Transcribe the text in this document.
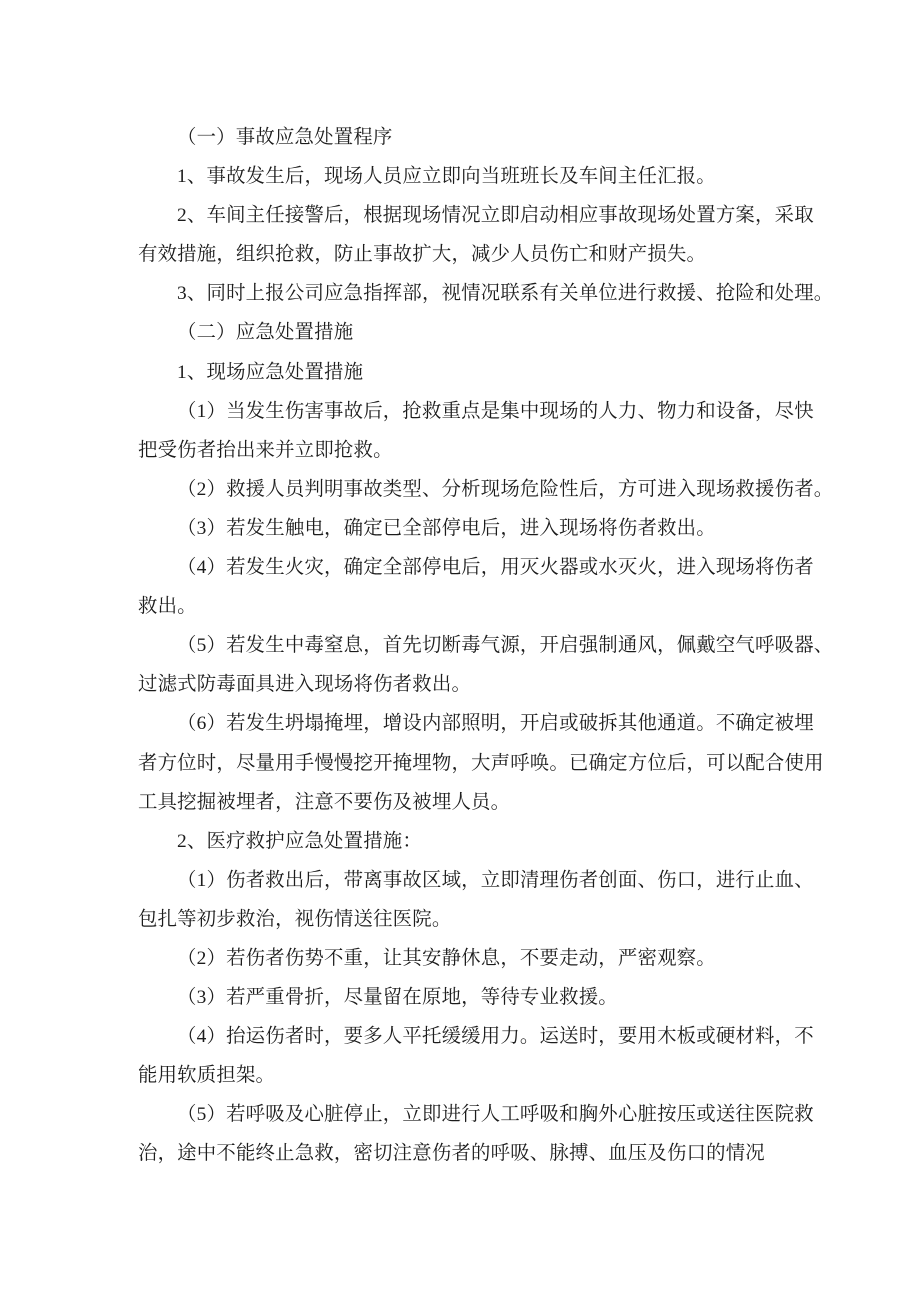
（一）事故应急处置程序
1、事故发生后，现场人员应立即向当班班长及车间主任汇报。
2、车间主任接警后，根据现场情况立即启动相应事故现场处置方案，采取
有效措施，组织抢救，防止事故扩大，减少人员伤亡和财产损失。
3、同时上报公司应急指挥部，视情况联系有关单位进行救援、抢险和处理。
（二）应急处置措施
1、现场应急处置措施
（1）当发生伤害事故后，抢救重点是集中现场的人力、物力和设备，尽快
把受伤者抬出来并立即抢救。
（2）救援人员判明事故类型、分析现场危险性后，方可进入现场救援伤者。
（3）若发生触电，确定已全部停电后，进入现场将伤者救出。
（4）若发生火灾，确定全部停电后，用灭火器或水灭火，进入现场将伤者
救出。
（5）若发生中毒窒息，首先切断毒气源，开启强制通风，佩戴空气呼吸器、
过滤式防毒面具进入现场将伤者救出。
（6）若发生坍塌掩埋，增设内部照明，开启或破拆其他通道。不确定被埋
者方位时，尽量用手慢慢挖开掩埋物，大声呼唤。已确定方位后，可以配合使用
工具挖掘被埋者，注意不要伤及被埋人员。
2、医疗救护应急处置措施：
（1）伤者救出后，带离事故区域，立即清理伤者创面、伤口，进行止血、
包扎等初步救治，视伤情送往医院。
（2）若伤者伤势不重，让其安静休息，不要走动，严密观察。
（3）若严重骨折，尽量留在原地，等待专业救援。
（4）抬运伤者时，要多人平托缓缓用力。运送时，要用木板或硬材料，不
能用软质担架。
（5）若呼吸及心脏停止，立即进行人工呼吸和胸外心脏按压或送往医院救
治，途中不能终止急救，密切注意伤者的呼吸、脉搏、血压及伤口的情况
